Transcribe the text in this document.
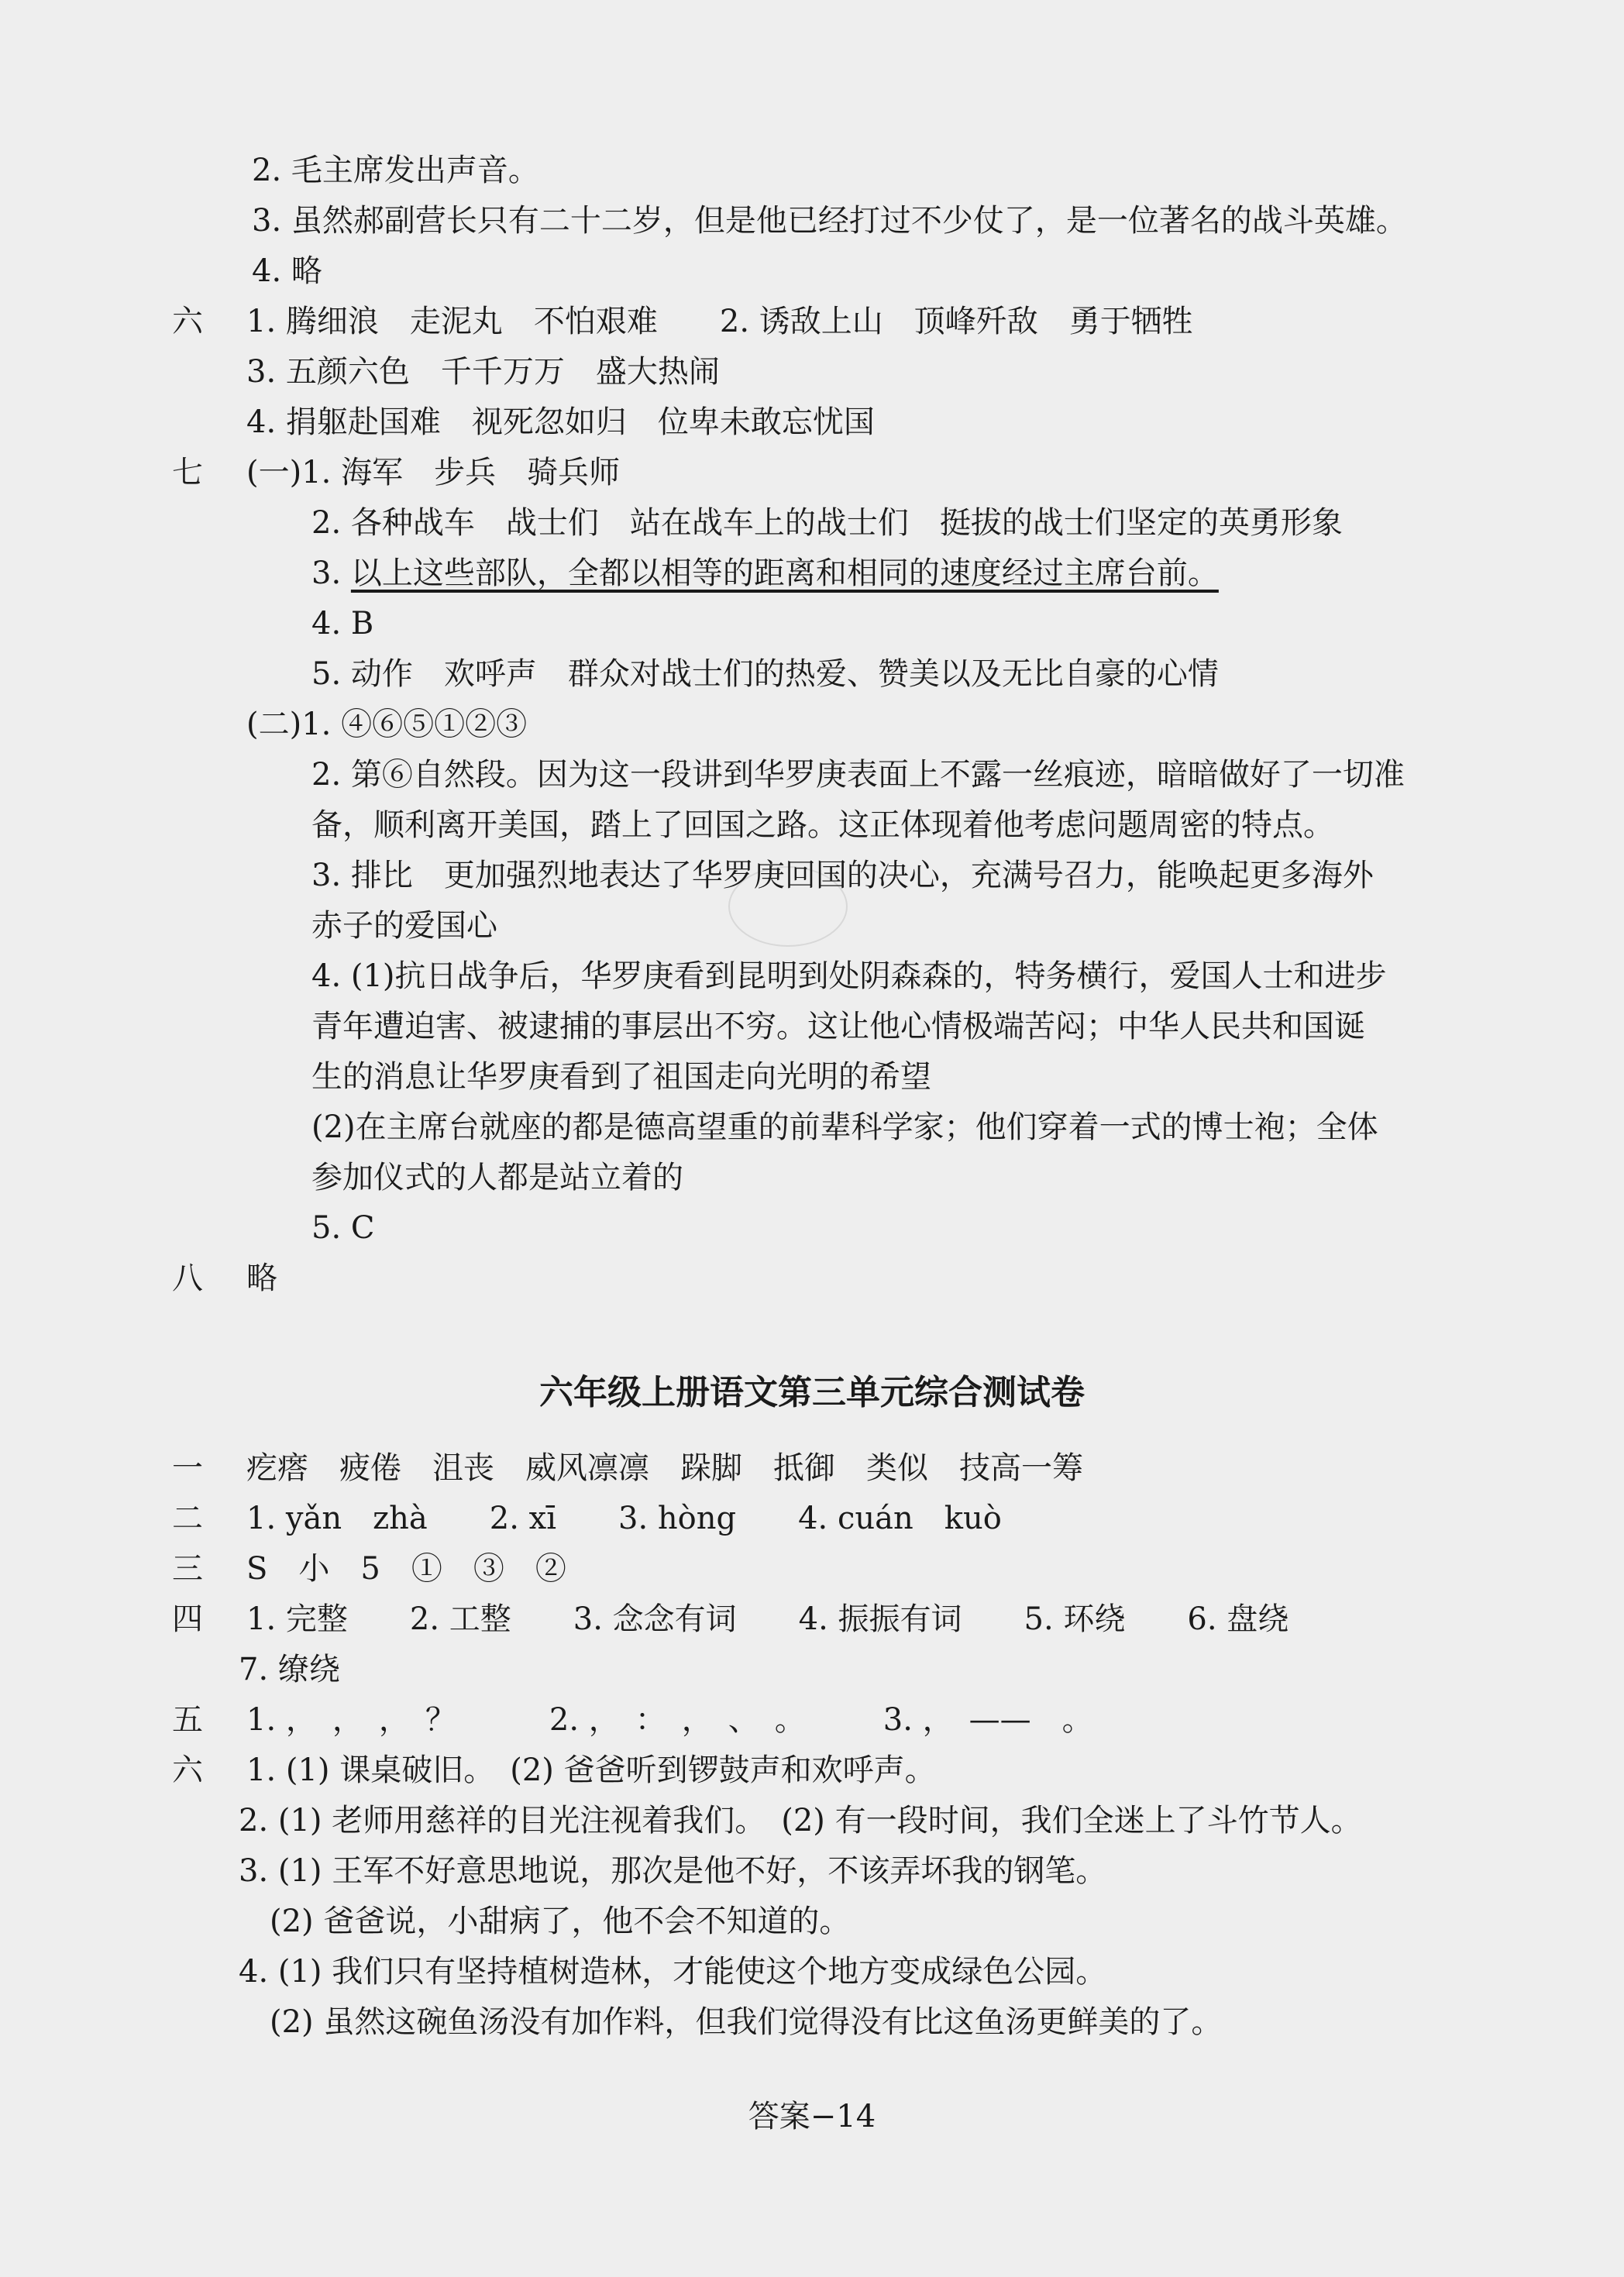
六年级上册语文第三单元综合测试卷
答案−14
2. 毛主席发出声音。
3. 虽然郝副营长只有二十二岁，但是他已经打过不少仗了，是一位著名的战斗英雄。
4. 略
六 1. 腾细浪　走泥丸　不怕艰难　　2. 诱敌上山　顶峰歼敌　勇于牺牲
3. 五颜六色　千千万万　盛大热闹
4. 捐躯赴国难　视死忽如归　位卑未敢忘忧国
七 (一)1. 海军　步兵　骑兵师
2. 各种战车　战士们　站在战车上的战士们　挺拔的战士们坚定的英勇形象
3. 以上这些部队，全都以相等的距离和相同的速度经过主席台前。
4. B
5. 动作　欢呼声　群众对战士们的热爱、赞美以及无比自豪的心情
(二)1. ④⑥⑤①②③
2. 第⑥自然段。因为这一段讲到华罗庚表面上不露一丝痕迹，暗暗做好了一切准
备，顺利离开美国，踏上了回国之路。这正体现着他考虑问题周密的特点。
3. 排比　更加强烈地表达了华罗庚回国的决心，充满号召力，能唤起更多海外
赤子的爱国心
4. (1)抗日战争后，华罗庚看到昆明到处阴森森的，特务横行，爱国人士和进步
青年遭迫害、被逮捕的事层出不穷。这让他心情极端苦闷；中华人民共和国诞
生的消息让华罗庚看到了祖国走向光明的希望
(2)在主席台就座的都是德高望重的前辈科学家；他们穿着一式的博士袍；全体
参加仪式的人都是站立着的
5. C
八 略
一 疙瘩　疲倦　沮丧　威风凛凛　跺脚　抵御　类似　技高一筹
二 1. yǎn　zhà　　2. xī　　3. hòng　　4. cuán　kuò
三 S　小　5　①　③　②
四 1. 完整　　2. 工整　　3. 念念有词　　4. 振振有词　　5. 环绕　　6. 盘绕
7. 缭绕
五 1. ，　，　，　？　　　2. ，　：　，　、　。　　　3. ，　——　。
六 1. (1) 课桌破旧。　(2) 爸爸听到锣鼓声和欢呼声。
2. (1) 老师用慈祥的目光注视着我们。　(2) 有一段时间，我们全迷上了斗竹节人。
3. (1) 王军不好意思地说，那次是他不好，不该弄坏我的钢笔。
(2) 爸爸说，小甜病了，他不会不知道的。
4. (1) 我们只有坚持植树造林，才能使这个地方变成绿色公园。
(2) 虽然这碗鱼汤没有加作料，但我们觉得没有比这鱼汤更鲜美的了。
